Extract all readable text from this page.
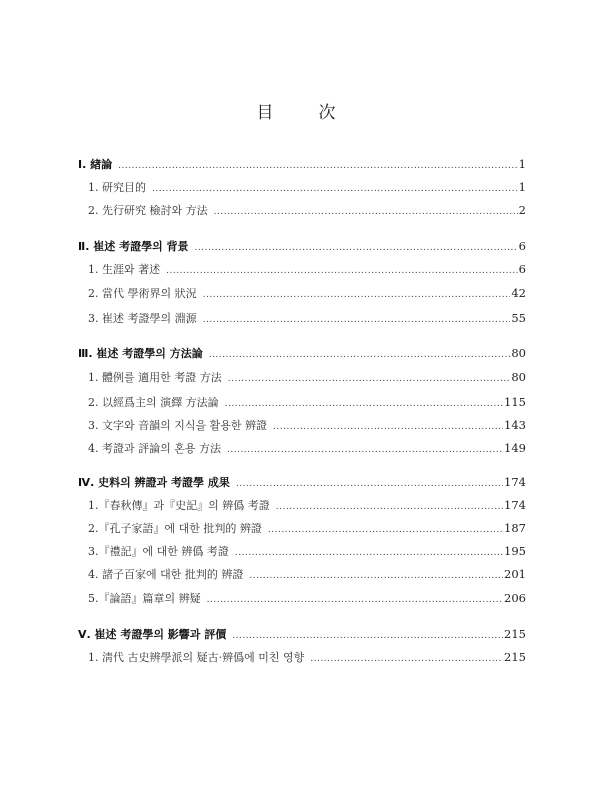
目　次
Ⅰ. 緖論 .....	1
1. 研究目的 .....	1
2. 先行研究 檢討와 方法 .....	2
Ⅱ. 崔述 考證學의 背景 .....	6
1. 生涯와 著述 .....	6
2. 當代 學術界의 狀況 .....	42
3. 崔述 考證學의 淵源 .....	55
Ⅲ. 崔述 考證學의 方法論 .....	80
1. 體例를 適用한 考證 方法 .....	80
2. 以經爲主의 演繹 方法論 .....	115
3. 文字와 音韻의 지식을 활용한 辨證 .....	143
4. 考證과 評論의 혼용 方法 .....	149
Ⅳ. 史料의 辨證과 考證學 成果 .....	174
1.『春秋傳』과『史記』의 辨僞 考證 .....	174
2.『孔子家語』에 대한 批判的 辨證 .....	187
3.『禮記』에 대한 辨僞 考證 .....	195
4. 諸子百家에 대한 批判的 辨證 .....	201
5.『論語』篇章의 辨疑 .....	206
Ⅴ. 崔述 考證學의 影響과 評價 .....	215
1. 淸代 古史辨學派의 疑古·辨僞에 미친 영향 .....	215
